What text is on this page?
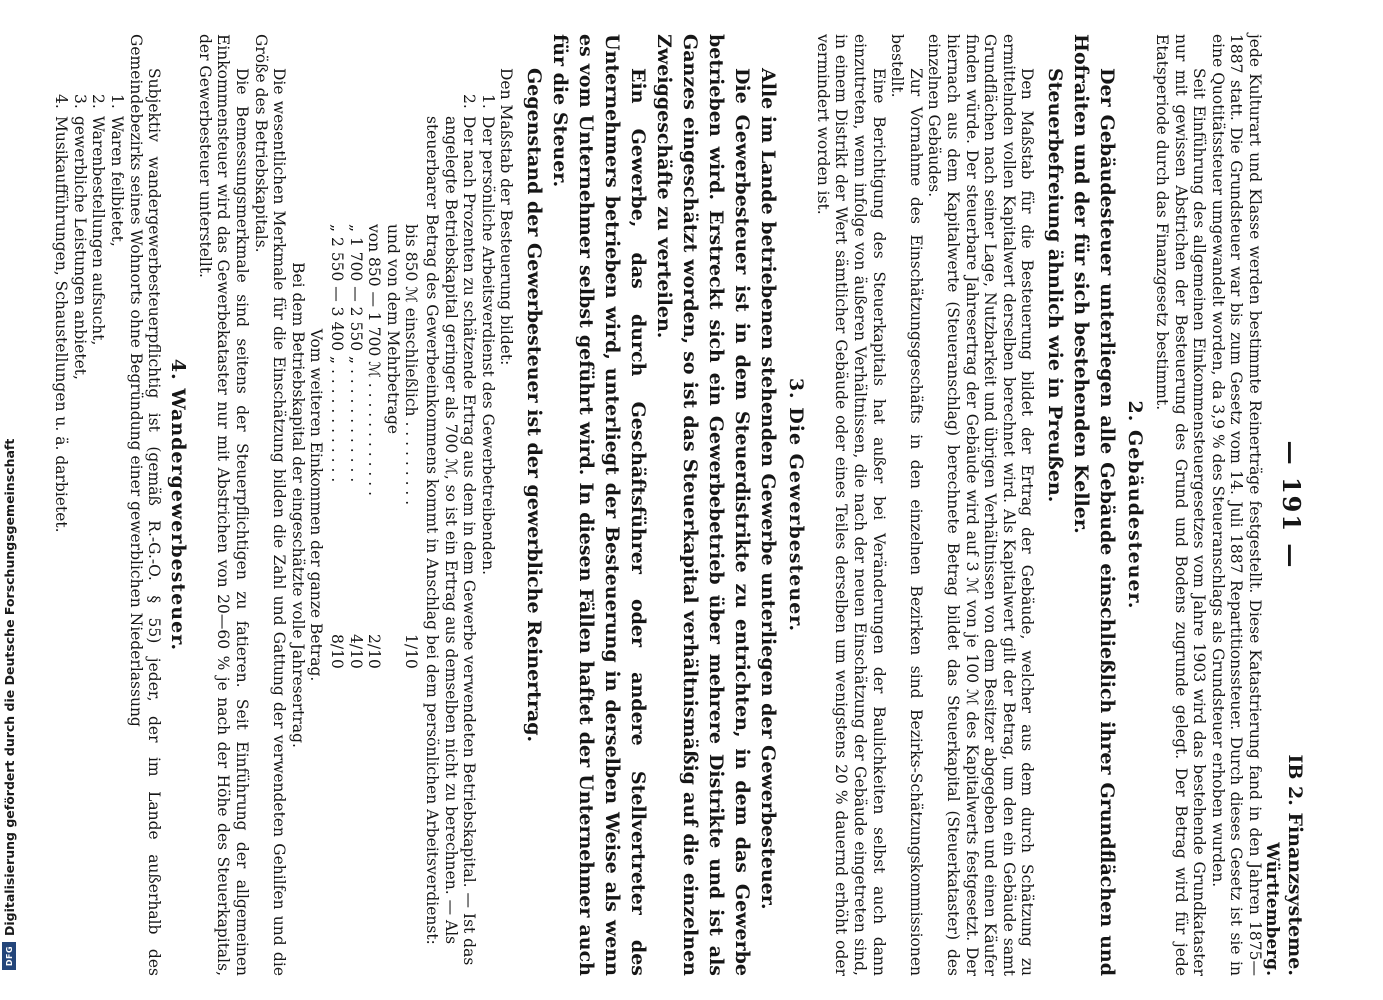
— 191 —
IB 2. Finanzsysteme.
Württemberg.

jede Kulturart und Klasse werden bestimmte Reinerträge festgestellt. Diese Katastrierung fand in den Jahren 1875—1887 statt. Die Grundsteuer war bis zum Gesetz vom 14. Juli 1887 Repartitionssteuer. Durch dieses Gesetz ist sie in eine Quotitätssteuer umgewandelt worden, da 3,9 % des Steueranschlags als Grundsteuer erhoben wurden.

Seit Einführung des allgemeinen Einkommensteuergesetzes vom Jahre 1903 wird das bestehende Grundkataster nur mit gewissen Abstrichen der Besteuerung des Grund und Bodens zugrunde gelegt. Der Betrag wird für jede Etatsperiode durch das Finanzgesetz bestimmt.

2. Gebäudesteuer.

Der Gebäudesteuer unterliegen alle Gebäude einschließlich ihrer Grundflächen und Hofraiten und der für sich bestehenden Keller.

Steuerbefreiung ähnlich wie in Preußen.

Den Maßstab für die Besteuerung bildet der Ertrag der Gebäude, welcher aus dem durch Schätzung zu ermittelnden vollen Kapitalwert derselben berechnet wird. Als Kapitalwert gilt der Betrag, um den ein Gebäude samt Grundflächen nach seiner Lage, Nutzbarkeit und übrigen Verhältnissen von dem Besitzer abgegeben und einen Käufer finden würde. Der steuerbare Jahresertrag der Gebäude wird auf 3 ℳ von je 100 ℳ des Kapitalwerts festgesetzt. Der hiernach aus dem Kapitalwerte (Steueranschlag) berechnete Betrag bildet das Steuerkapital (Steuerkataster) des einzelnen Gebäudes.

Zur Vornahme des Einschätzungsgeschäfts in den einzelnen Bezirken sind Bezirks-Schätzungskommissionen bestellt.

Eine Berichtigung des Steuerkapitals hat außer bei Veränderungen der Baulichkeiten selbst auch dann einzutreten, wenn infolge von äußeren Verhältnissen, die nach der neuen Einschätzung der Gebäude eingetreten sind, in einem Distrikt der Wert sämtlicher Gebäude oder eines Teiles derselben um wenigstens 20 % dauernd erhöht oder vermindert worden ist.

3. Die Gewerbesteuer.

Alle im Lande betriebenen stehenden Gewerbe unterliegen der Gewerbesteuer.

Die Gewerbesteuer ist in dem Steuerdistrikte zu entrichten, in dem das Gewerbe betrieben wird. Erstreckt sich ein Gewerbebetrieb über mehrere Distrikte und ist als Ganzes eingeschätzt worden, so ist das Steuerkapital verhältnismäßig auf die einzelnen Zweiggeschäfte zu verteilen.

Ein Gewerbe, das durch Geschäftsführer oder andere Stellvertreter des Unternehmers betrieben wird, unterliegt der Besteuerung in derselben Weise als wenn es vom Unternehmer selbst geführt wird. In diesen Fällen haftet der Unternehmer auch für die Steuer.

Gegenstand der Gewerbesteuer ist der gewerbliche Reinertrag.

Den Maßstab der Besteuerung bildet:

1.
Der persönliche Arbeitsverdienst des Gewerbetreibenden.
2.
Der nach Prozenten zu schätzende Ertrag aus dem in dem Gewerbe verwendeten Betriebskapital. — Ist das angelegte Betriebskapital geringer als 700 ℳ, so ist ein Ertrag aus demselben nicht zu berechnen. — Als steuerbarer Betrag des Gewerbeeinkommens kommt in Anschlag bei dem persönlichen Arbeitsverdienst:
bis 850 ℳ einschließlich . . . . . . . . .
1/10
und von dem Mehrbetrage
von 850 — 1 700 ℳ . . . . . . . . . . . .
2/10
„ 1 700 — 2 550 „ . . . . . . . . . . . .
4/10
„ 2 550 — 3 400 „ . . . . . . . . . . . .
8/10
Vom weiteren Einkommen der ganze Betrag.
Bei dem Betriebskapital der eingeschätzte volle Jahresertrag.

Die wesentlichen Merkmale für die Einschätzung bilden die Zahl und Gattung der verwendeten Gehilfen und die Größe des Betriebskapitals.

Die Bemessungsmerkmale sind seitens der Steuerpflichtigen zu fatieren. Seit Einführung der allgemeinen Einkommensteuer wird das Gewerbekataster nur mit Abstrichen von 20—60 % je nach der Höhe des Steuerkapitals, der Gewerbesteuer unterstellt.

4. Wandergewerbesteuer.

Subjektiv wandergewerbesteuerpflichtig ist (gemäß R.-G.-O. § 55) jeder, der im Lande außerhalb des Gemeindebezirks seines Wohnorts ohne Begründung einer gewerblichen Niederlassung

1.
Waren feilbietet,
2.
Warenbestellungen aufsucht,
3.
gewerbliche Leistungen anbietet,
4.
Musikaufführungen, Schaustellungen u. ä. darbietet.
DFG
Digitalisierung gefördert durch die Deutsche Forschungsgemeinschaft
